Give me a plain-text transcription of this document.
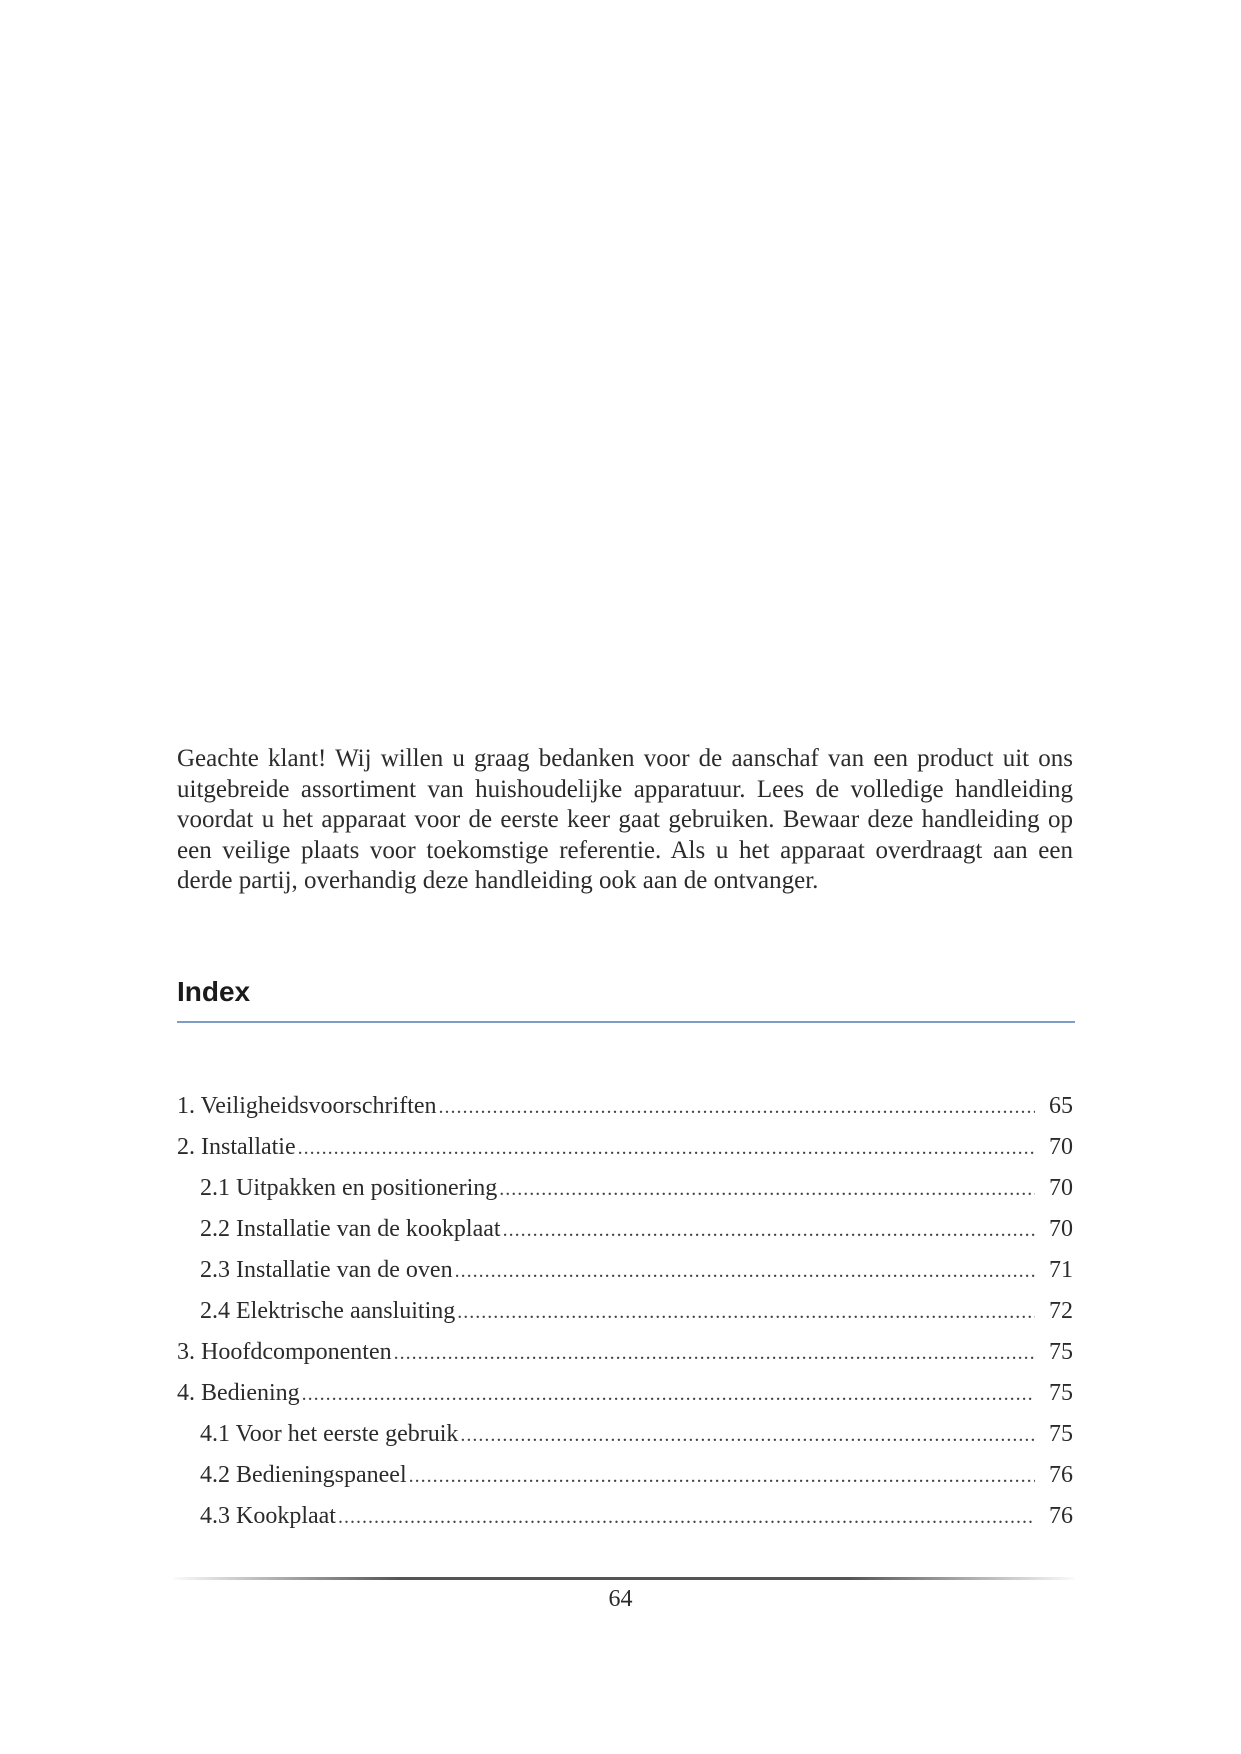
Geachte klant! Wij willen u graag bedanken voor de aanschaf van een product uit ons uitgebreide assortiment van huishoudelijke apparatuur. Lees de volledige handleiding voordat u het apparaat voor de eerste keer gaat gebruiken. Bewaar deze handleiding op een veilige plaats voor toekomstige referentie. Als u het apparaat overdraagt aan een derde partij, overhandig deze handleiding ook aan de ontvanger.

Index
1. Veiligheidsvoorschriften .....	65
2. Installatie .....	70
2.1 Uitpakken en positionering .....	70
2.2 Installatie van de kookplaat .....	70
2.3 Installatie van de oven .....	71
2.4 Elektrische aansluiting .....	72
3. Hoofdcomponenten .....	75
4. Bediening .....	75
4.1 Voor het eerste gebruik .....	75
4.2 Bedieningspaneel .....	76
4.3 Kookplaat .....	76
64
